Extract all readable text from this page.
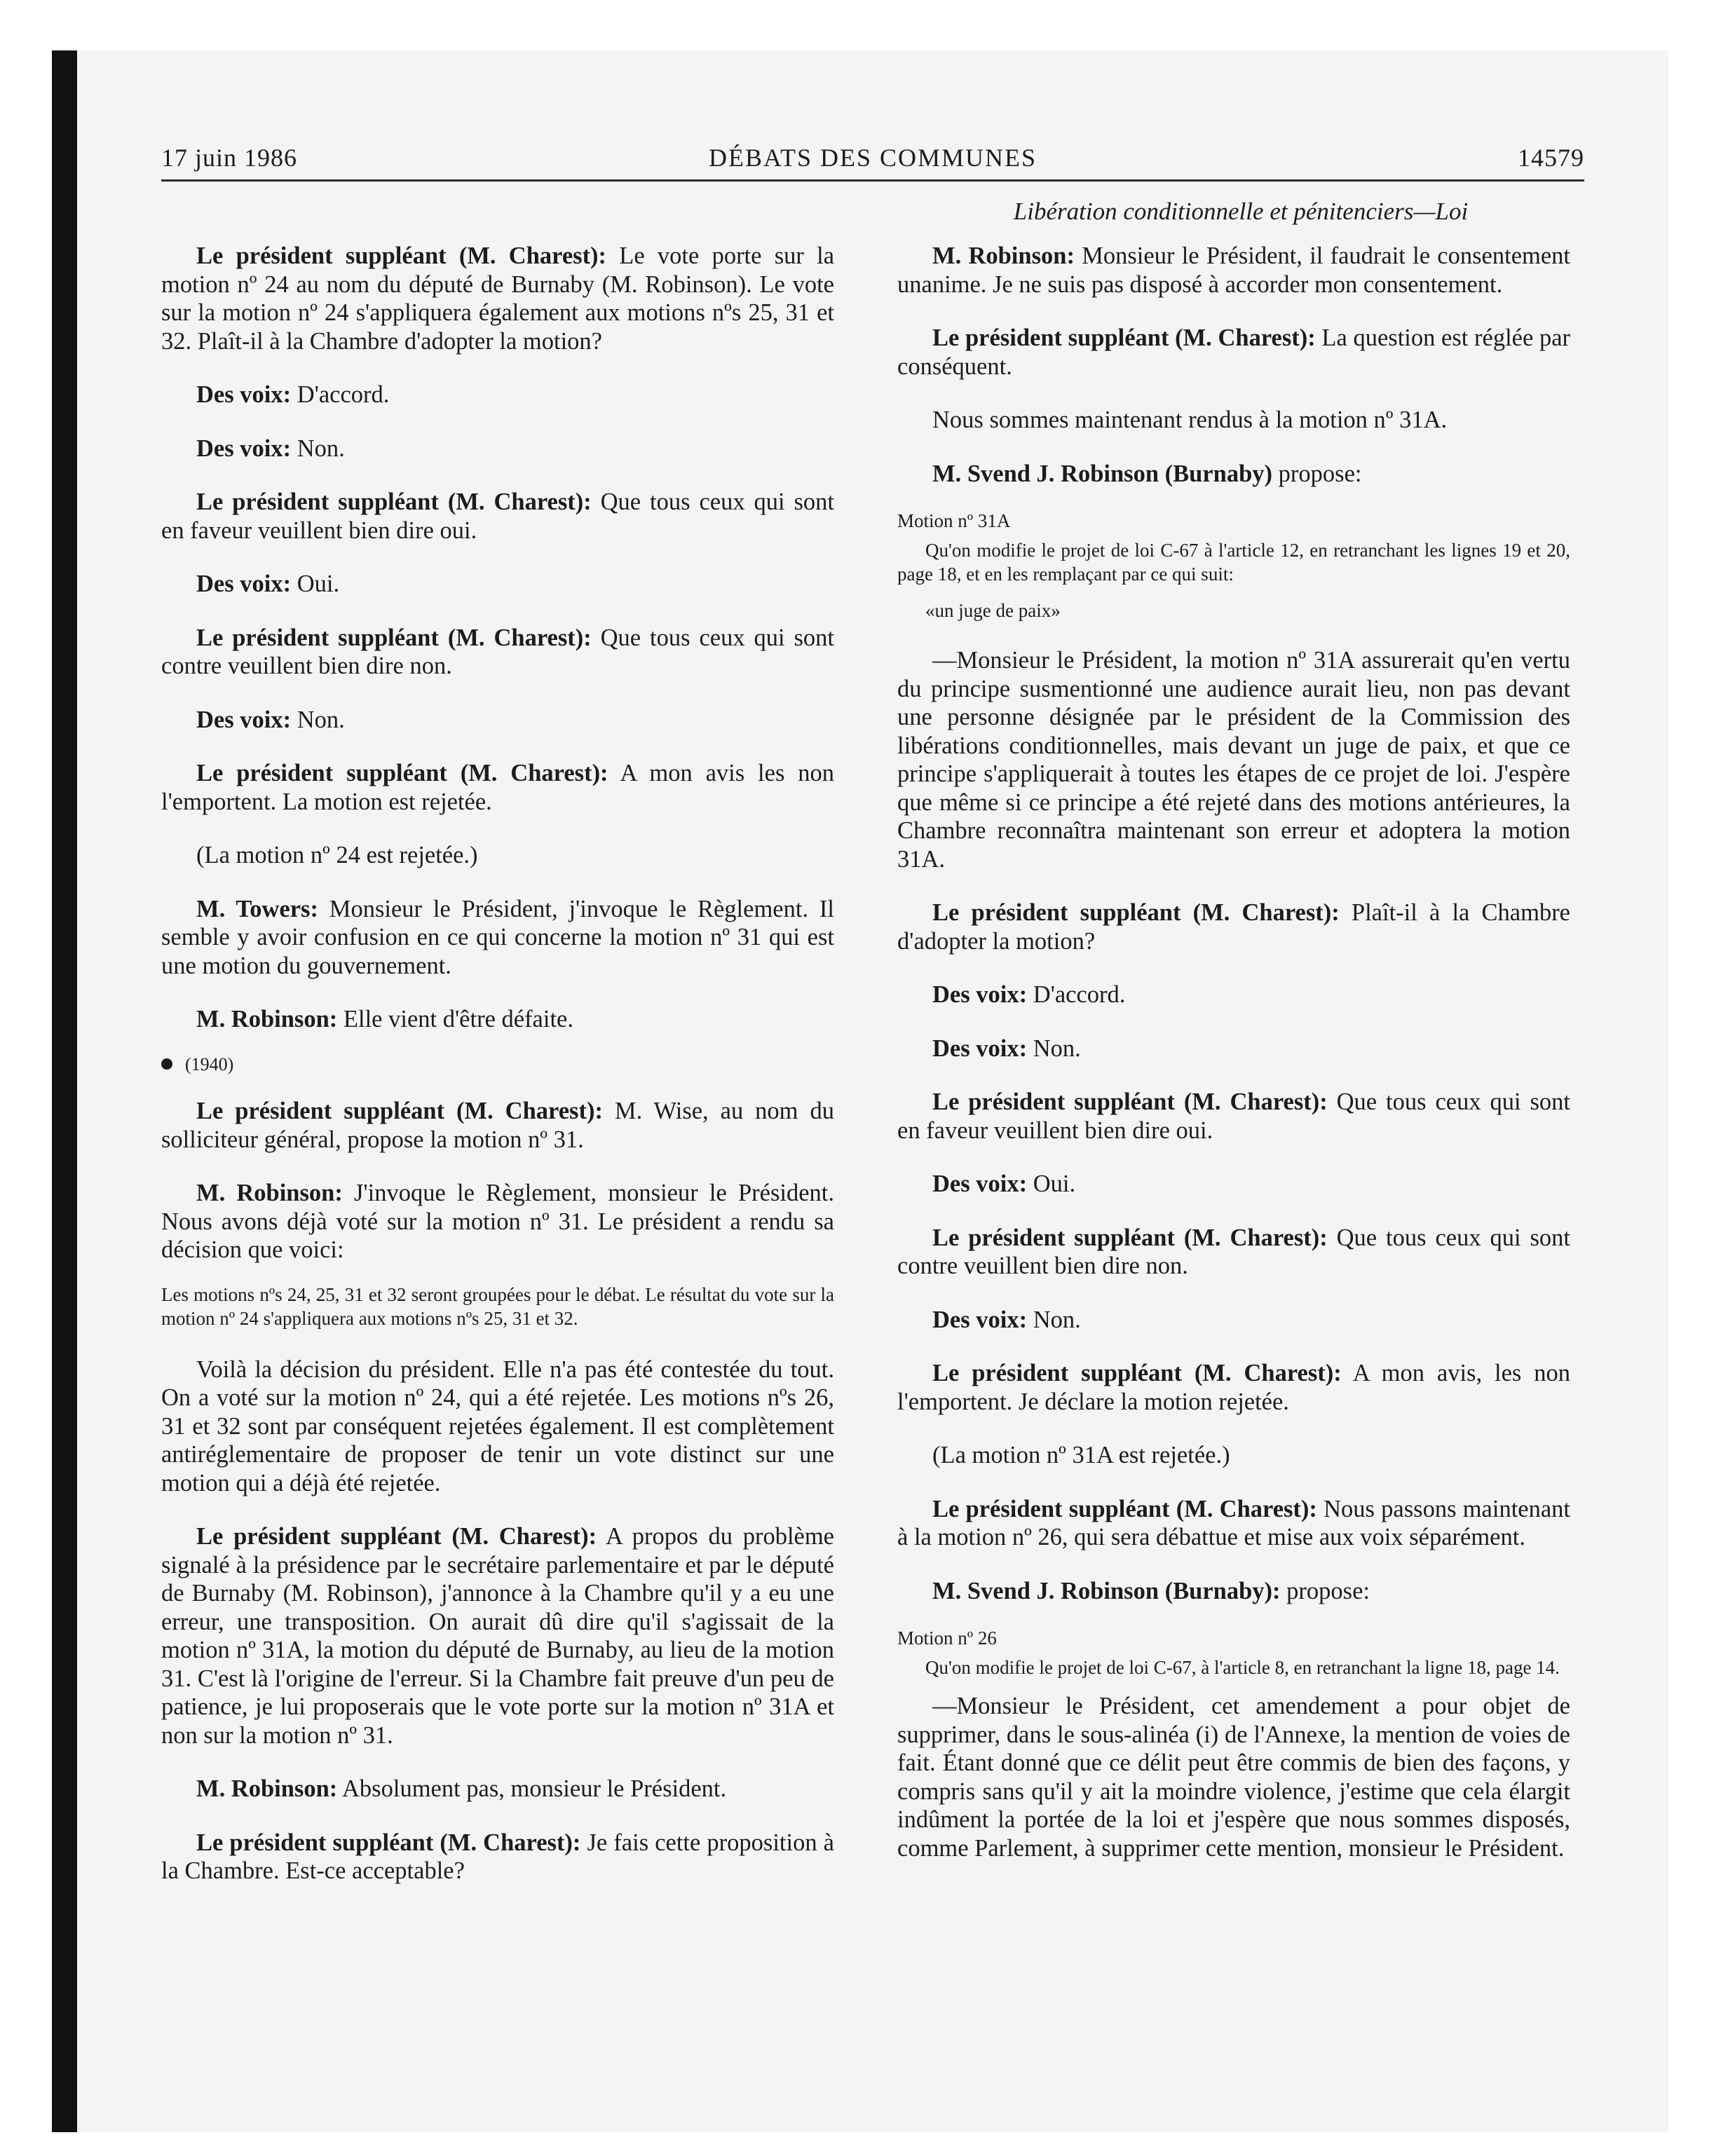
17 juin 1986	DÉBATS DES COMMUNES	14579
Libération conditionnelle et pénitenciers—Loi

Le président suppléant (M. Charest): Le vote porte sur la motion nº 24 au nom du député de Burnaby (M. Robinson). Le vote sur la motion nº 24 s'appliquera également aux motions nºs 25, 31 et 32. Plaît-il à la Chambre d'adopter la motion?

Des voix: D'accord.

Des voix: Non.

Le président suppléant (M. Charest): Que tous ceux qui sont en faveur veuillent bien dire oui.

Des voix: Oui.

Le président suppléant (M. Charest): Que tous ceux qui sont contre veuillent bien dire non.

Des voix: Non.

Le président suppléant (M. Charest): A mon avis les non l'emportent. La motion est rejetée.

(La motion nº 24 est rejetée.)

M. Towers: Monsieur le Président, j'invoque le Règlement. Il semble y avoir confusion en ce qui concerne la motion nº 31 qui est une motion du gouvernement.

M. Robinson: Elle vient d'être défaite.

(1940)

Le président suppléant (M. Charest): M. Wise, au nom du solliciteur général, propose la motion nº 31.

M. Robinson: J'invoque le Règlement, monsieur le Président. Nous avons déjà voté sur la motion nº 31. Le président a rendu sa décision que voici:

Les motions nºs 24, 25, 31 et 32 seront groupées pour le débat. Le résultat du vote sur la motion nº 24 s'appliquera aux motions nºs 25, 31 et 32.

Voilà la décision du président. Elle n'a pas été contestée du tout. On a voté sur la motion nº 24, qui a été rejetée. Les motions nºs 26, 31 et 32 sont par conséquent rejetées également. Il est complètement antiréglementaire de proposer de tenir un vote distinct sur une motion qui a déjà été rejetée.

Le président suppléant (M. Charest): A propos du problème signalé à la présidence par le secrétaire parlementaire et par le député de Burnaby (M. Robinson), j'annonce à la Chambre qu'il y a eu une erreur, une transposition. On aurait dû dire qu'il s'agissait de la motion nº 31A, la motion du député de Burnaby, au lieu de la motion 31. C'est là l'origine de l'erreur. Si la Chambre fait preuve d'un peu de patience, je lui proposerais que le vote porte sur la motion nº 31A et non sur la motion nº 31.

M. Robinson: Absolument pas, monsieur le Président.

Le président suppléant (M. Charest): Je fais cette proposition à la Chambre. Est-ce acceptable?

M. Robinson: Monsieur le Président, il faudrait le consentement unanime. Je ne suis pas disposé à accorder mon consentement.

Le président suppléant (M. Charest): La question est réglée par conséquent.

Nous sommes maintenant rendus à la motion nº 31A.

M. Svend J. Robinson (Burnaby) propose:

Motion nº 31A

Qu'on modifie le projet de loi C-67 à l'article 12, en retranchant les lignes 19 et 20, page 18, et en les remplaçant par ce qui suit:

«un juge de paix»

—Monsieur le Président, la motion nº 31A assurerait qu'en vertu du principe susmentionné une audience aurait lieu, non pas devant une personne désignée par le président de la Commission des libérations conditionnelles, mais devant un juge de paix, et que ce principe s'appliquerait à toutes les étapes de ce projet de loi. J'espère que même si ce principe a été rejeté dans des motions antérieures, la Chambre reconnaîtra maintenant son erreur et adoptera la motion 31A.

Le président suppléant (M. Charest): Plaît-il à la Chambre d'adopter la motion?

Des voix: D'accord.

Des voix: Non.

Le président suppléant (M. Charest): Que tous ceux qui sont en faveur veuillent bien dire oui.

Des voix: Oui.

Le président suppléant (M. Charest): Que tous ceux qui sont contre veuillent bien dire non.

Des voix: Non.

Le président suppléant (M. Charest): A mon avis, les non l'emportent. Je déclare la motion rejetée.

(La motion nº 31A est rejetée.)

Le président suppléant (M. Charest): Nous passons maintenant à la motion nº 26, qui sera débattue et mise aux voix séparément.

M. Svend J. Robinson (Burnaby): propose:

Motion nº 26

Qu'on modifie le projet de loi C-67, à l'article 8, en retranchant la ligne 18, page 14.

—Monsieur le Président, cet amendement a pour objet de supprimer, dans le sous-alinéa (i) de l'Annexe, la mention de voies de fait. Étant donné que ce délit peut être commis de bien des façons, y compris sans qu'il y ait la moindre violence, j'estime que cela élargit indûment la portée de la loi et j'espère que nous sommes disposés, comme Parlement, à supprimer cette mention, monsieur le Président.
